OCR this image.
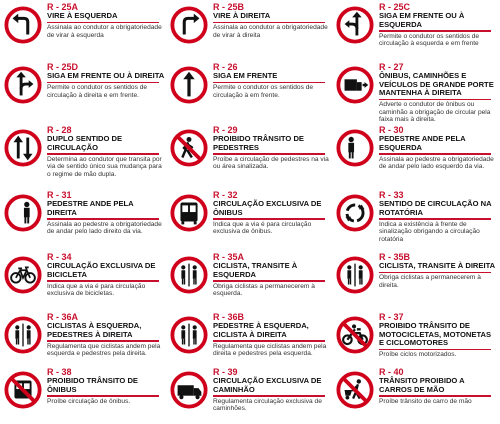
R - 25A
VIRE À ESQUERDA
Assinala ao condutor a obrigatoriedade de virar à esquerda
R - 25B
VIRE À DIREITA
Assinala ao condutor a obrigatoriedade de virar à direita
R - 25C
SIGA EM FRENTE OU À ESQUERDA
Permite o condutor os sentidos de circulação à esquerda e em frente
R - 25D
SIGA EM FRENTE OU À DIREITA
Permite o condutor os sentidos de circulação à direita e em frente.
R - 26
SIGA EM FRENTE
Permite o condutor os sentidos de circulação à em frente.
R - 27
ÔNIBUS, CAMINHÕES E VEÍCULOS DE GRANDE PORTE MANTENHA À DIREITA
Adverte o condutor de ônibus ou caminhão a obrigação de circular pela faixa mais à direita.
R - 28
DUPLO SENTIDO DE CIRCULAÇÃO
Determina ao condutor que transita por via de sentido único sua mudança para o regime de mão dupla.
R - 29
PROIBIDO TRÂNSITO DE PEDESTRES
Proíbe a circulação de pedestres na via ou área sinalizada.
R - 30
PEDESTRE ANDE PELA ESQUERDA
Assinala ao pedestre a obrigatoriedade de andar pelo lado esquerdo da via.
R - 31
PEDESTRE ANDE PELA DIREITA
Assinala ao pedestre a obrigatoriedade de andar pelo lado direito da via.
R - 32
CIRCULAÇÃO EXCLUSIVA DE ÔNIBUS
Indica que a via é para circulação exclusiva de ônibus.
R - 33
SENTIDO DE CIRCULAÇÃO NA ROTATÓRIA
Indica a existência à frente de sinalização obrigando a circulação rotatória
R - 34
CIRCULAÇÃO EXCLUSIVA DE BICICLETA
Indica que a via é para circulação exclusiva de bicicletas.
R - 35A
CICLISTA, TRANSITE À ESQUERDA
Obriga ciclistas a permanecerem à esquerda.
R - 35B
CICLISTA, TRANSITE À DIREITA
Obriga ciclistas a permanecerem à direita.
R - 36A
CICLISTAS À ESQUERDA, PEDESTRES À DIREITA
Regulamenta que ciclistas andem pela esquerda e pedestres pela direita.
R - 36B
PEDESTRE À ESQUERDA, CICLISTA À DIREITA
Regulamenta que ciclistas andem pela direita e pedestres pela esquerda.
R - 37
PROIBIDO TRÂNSITO DE MOTOCICLETAS, MOTONETAS E CICLOMOTORES
Proíbe ciclos motorizados.
R - 38
PROIBIDO TRÂNSITO DE ÔNIBUS
Proíbe circulação de ônibus.
R - 39
CIRCULAÇÃO EXCLUSIVA DE CAMINHÃO
Regulamenta circulação exclusiva de caminhões.
R - 40
TRÂNSITO PROIBIDO A CARROS DE MÃO
Proíbe trânsito de carro de mão
